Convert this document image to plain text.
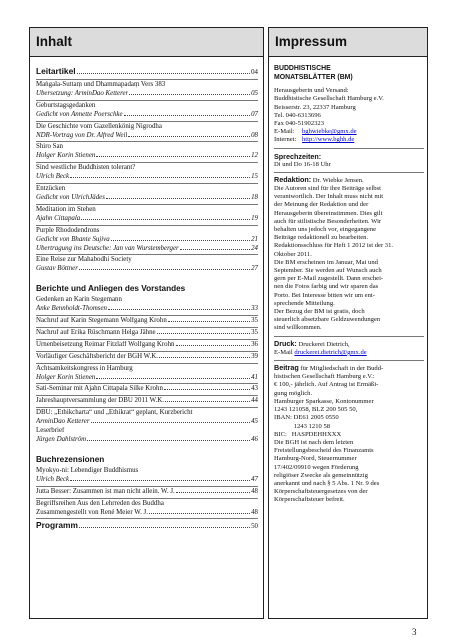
Inhalt
Leitartikel	04
Maṅgala-Suttaṃ und Dhammapadaṃ Vers 383
Übersetzung: ArminDao Ketterer	05
Geburtstagsgedanken
Gedicht von Annette Poerschke	07
Die Geschichte vom Gazellenkönig Nigrodha
NDR-Vortrag von Dr. Alfred Weil	08
Shiro San
Holger Korin Stienen	12
Sind westliche Buddhisten tolerant?
Ulrich Beck	15
Entzücken
Gedicht von UlrichJädes	18
Meditation im Stehen
Ajahn Cittapala	19
Purple Rhododendrons
Gedicht von Bhante Sujiva	21
Übertragung ins Deutsche: Jan van Wurstemberger	24
Eine Reise zur Mahabodhi Society
Gustav Böttner	27
Berichte und Anliegen des Vorstandes
Gedenken an Karin Stegemann
Anke Bennholdt-Thomsen	33
Nachruf auf Karin Stegemann Wolfgang Krohn	35
Nachruf auf Erika Rüschmann Helga Jähne	35
Urnenbeisetzung Reimar Fitzlaff Wolfgang Krohn	36
Vorläufiger Geschäftsbericht der BGH W.K.	39
Achtsamkeitskongress in Hamburg
Holger Korin Stienen	41
Sati-Seminar mit Ajahn Cittapala Silke Krohn	43
Jahreshauptversammlung der DBU 2011 W.K.	44
DBU: „Ethikcharta“ und „Ethikrat“ geplant, Kurzbericht
ArminDao Ketterer	45
Leserbrief
Jürgen Dahlström	46
Buchrezensionen
Myokyo-ni: Lebendiger Buddhismus
Ulrich Beck	47
Jutta Besser: Zusammen ist man nicht allein. W. J.	48
Begriffsreihen Aus den Lehrreden des Buddha
Zusammengestellt von René Meier W. J.	48
Programm	50
Impressum
BUDDHISTISCHE
MONATSBLÄTTER (BM)
Herausgeberin und Versand:
Buddhistische Gesellschaft Hamburg e.V.
Beisserstr. 23, 22337 Hamburg
Tel. 040-6313696
Fax 040-51902323
E-Mail:	bghwiebke@gmx.de
Internet: http://www.bghh.de
Sprechzeiten:
Di und Do 16-18 Uhr
Redaktion: Dr. Wiebke Jensen.
Die Autoren sind für ihre Beiträge selbst
verantwortlich. Der Inhalt muss nicht mit
der Meinung der Redaktion und der
Herausgeberin übereinstimmen. Dies gilt
auch für stilistische Besonderheiten. Wir
behalten uns jedoch vor, eingegangene
Beiträge redaktionell zu bearbeiten.
Redaktionsschluss für Heft 1 2012 ist der 31.
Oktober 2011.
Die BM erscheinen im Januar, Mai und
September. Sie werden auf Wunsch auch
gern per E-Mail zugestellt. Dann erschei-
nen die Fotos farbig und wir sparen das
Porto. Bei Interesse bitten wir um ent-
sprechende Mitteilung.
Der Bezug der BM ist gratis, doch
steuerlich absetzbare Geldzuwendungen
sind willkommen.
Druck: Druckerei Dietrich,
E-Mail druckerei.dietrich@gmx.de
Beitrag für Mitgliedschaft in der Budd-
histischen Gesellschaft Hamburg e.V.:
€ 100,- jährlich. Auf Antrag ist Ermäßi-
gung möglich.
Hamburger Sparkasse, Kontonummer
1243 121058, BLZ 200 505 50,
IBAN: DE61 2005 0550
1243 1210 58
BIC:   HASPDEHHXXX
Die BGH ist nach dem letzten
Freistellungsbescheid des Finanzamts
Hamburg-Nord, Steuernummer
17/402/09910 wegen Förderung
religiöser Zwecke als gemeinnützig
anerkannt und nach § 5 Abs. 1 Nr. 9 des
Körperschaftsteuergesetzes von der
Körperschaftsteuer befreit.
3
